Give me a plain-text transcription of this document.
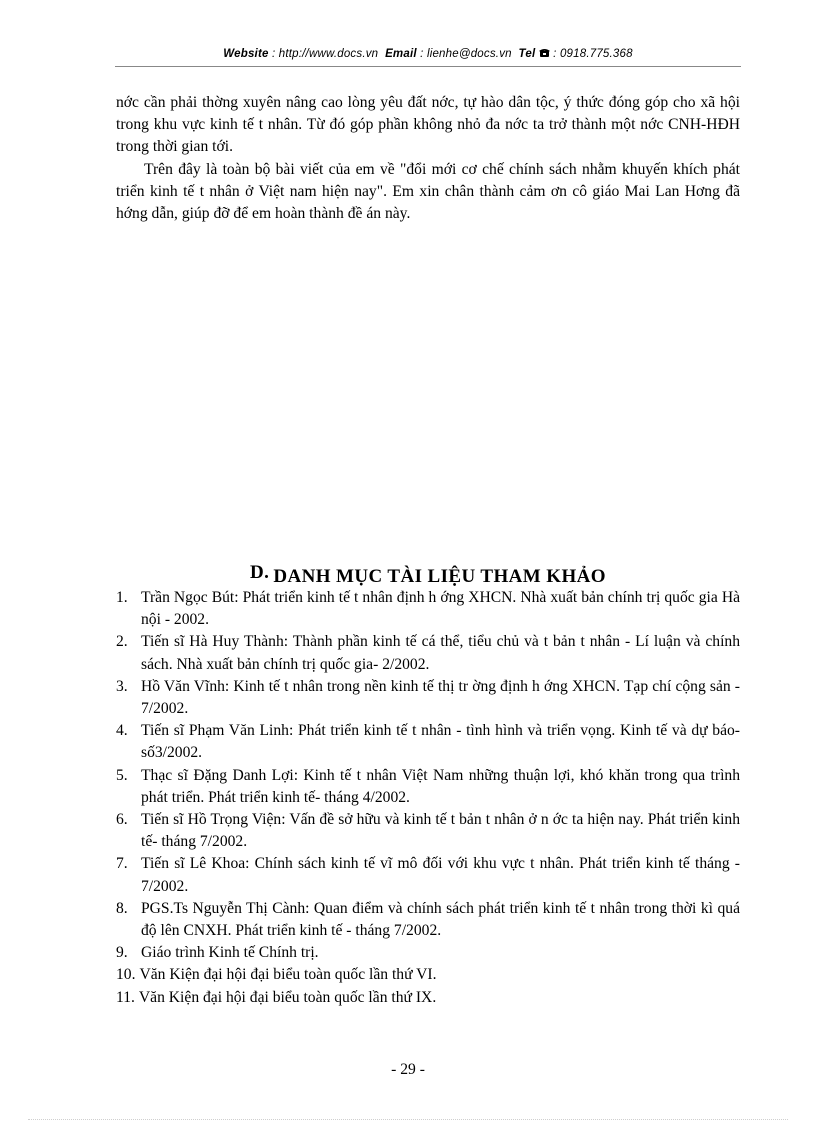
Website : http://www.docs.vn Email : lienhe@docs.vn Tel : 0918.775.368

nớc cần phải thờng xuyên nâng cao lòng yêu đất nớc, tự hào dân tộc, ý thức đóng góp cho xã hội trong khu vực kinh tế t nhân. Từ đó góp phần không nhỏ đa nớc ta trở thành một nớc CNH-HĐH trong thời gian tới.

Trên đây là toàn bộ bài viết của em về "đổi mới cơ chế chính sách nhằm khuyến khích phát triển kinh tế t nhân ở Việt nam hiện nay". Em xin chân thành cảm ơn cô giáo Mai Lan Hơng đã hớng dẫn, giúp đỡ để em hoàn thành đề án này.

D. DANH MỤC TÀI LIỆU THAM KHẢO
1. Trần Ngọc Bút: Phát triển kinh tế t nhân định h ớng XHCN. Nhà xuất bản chính trị quốc gia Hà nội - 2002.
2. Tiến sĩ Hà Huy Thành: Thành phần kinh tế cá thể, tiểu chủ và t bản t nhân - Lí luận và chính sách. Nhà xuất bản chính trị quốc gia- 2/2002.
3. Hồ Văn Vĩnh: Kinh tế t nhân trong nền kinh tế thị tr ờng định h ớng XHCN. Tạp chí cộng sản - 7/2002.
4. Tiến sĩ Phạm Văn Linh: Phát triển kinh tế t nhân - tình hình và triển vọng. Kinh tế và dự báo- số3/2002.
5. Thạc sĩ Đặng Danh Lợi: Kinh tế t nhân Việt Nam những thuận lợi, khó khăn trong qua trình phát triển. Phát triển kinh tế- tháng 4/2002.
6. Tiến sĩ Hồ Trọng Viện: Vấn đề sở hữu và kinh tế t bản t nhân ở n ớc ta hiện nay. Phát triển kinh tế- tháng 7/2002.
7. Tiến sĩ Lê Khoa: Chính sách kinh tế vĩ mô đối với khu vực t nhân. Phát triển kinh tế tháng - 7/2002.
8. PGS.Ts Nguyễn Thị Cành: Quan điểm và chính sách phát triển kinh tế t nhân trong thời kì quá độ lên CNXH. Phát triển kinh tế - tháng 7/2002.
9. Giáo trình Kinh tế Chính trị.
10. Văn Kiện đại hội đại biểu toàn quốc lần thứ VI.
11. Văn Kiện đại hội đại biểu toàn quốc lần thứ IX.
- 29 -
